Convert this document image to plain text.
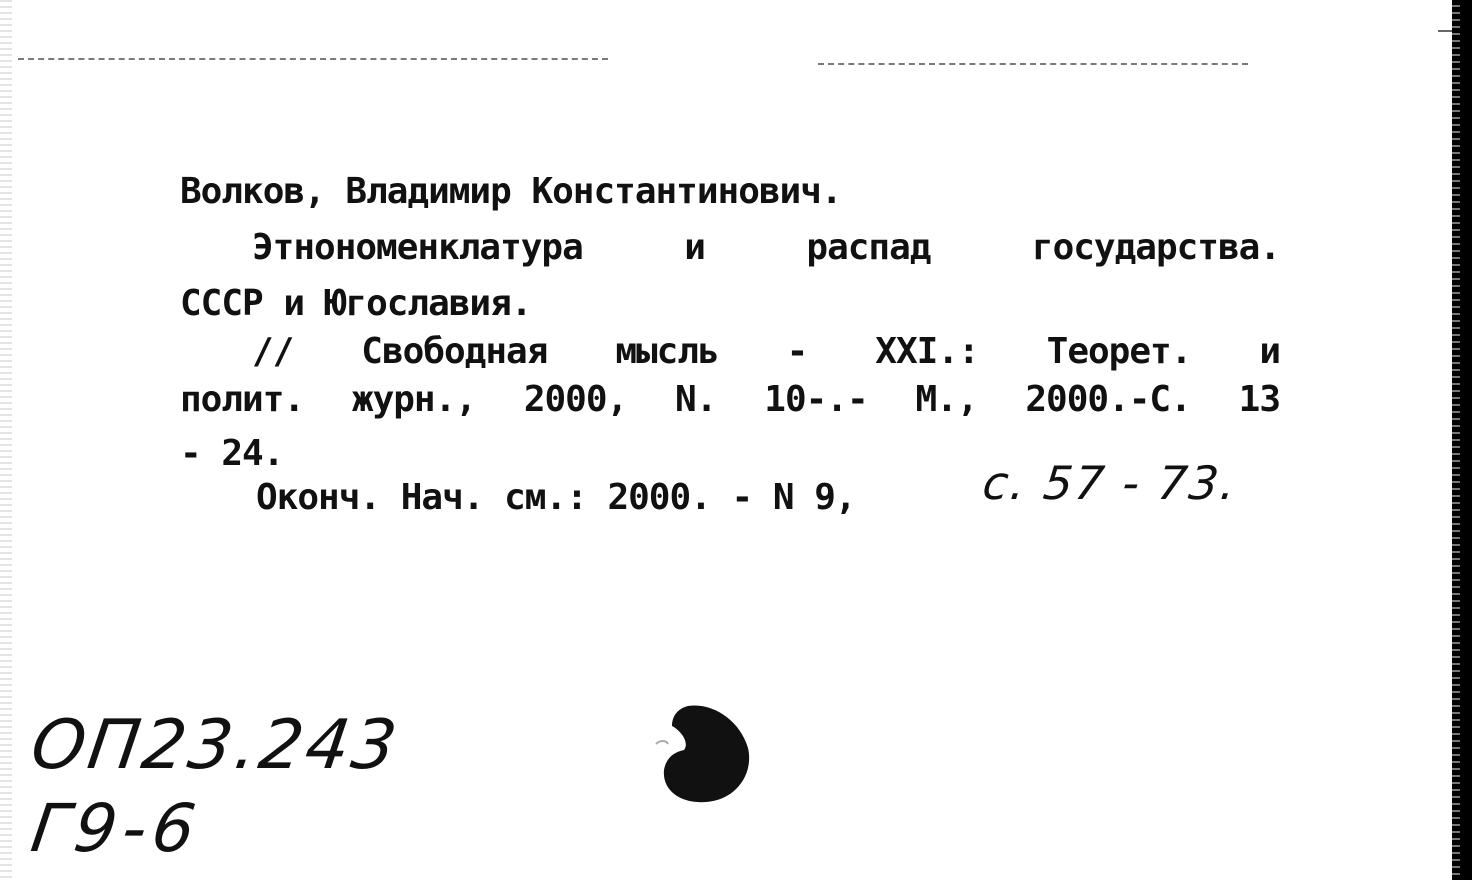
Волков, Владимир Константинович.
Этнономенклатура и распад государства.
СССР и Югославия.
// Свободная мысль - XXI.: Теорет. и
полит. журн., 2000, N. 10-.- М., 2000.-С. 13
- 24.
Оконч. Нач. см.: 2000. - N 9,	с. 57 - 73.
ОП23.243
Г9-6
